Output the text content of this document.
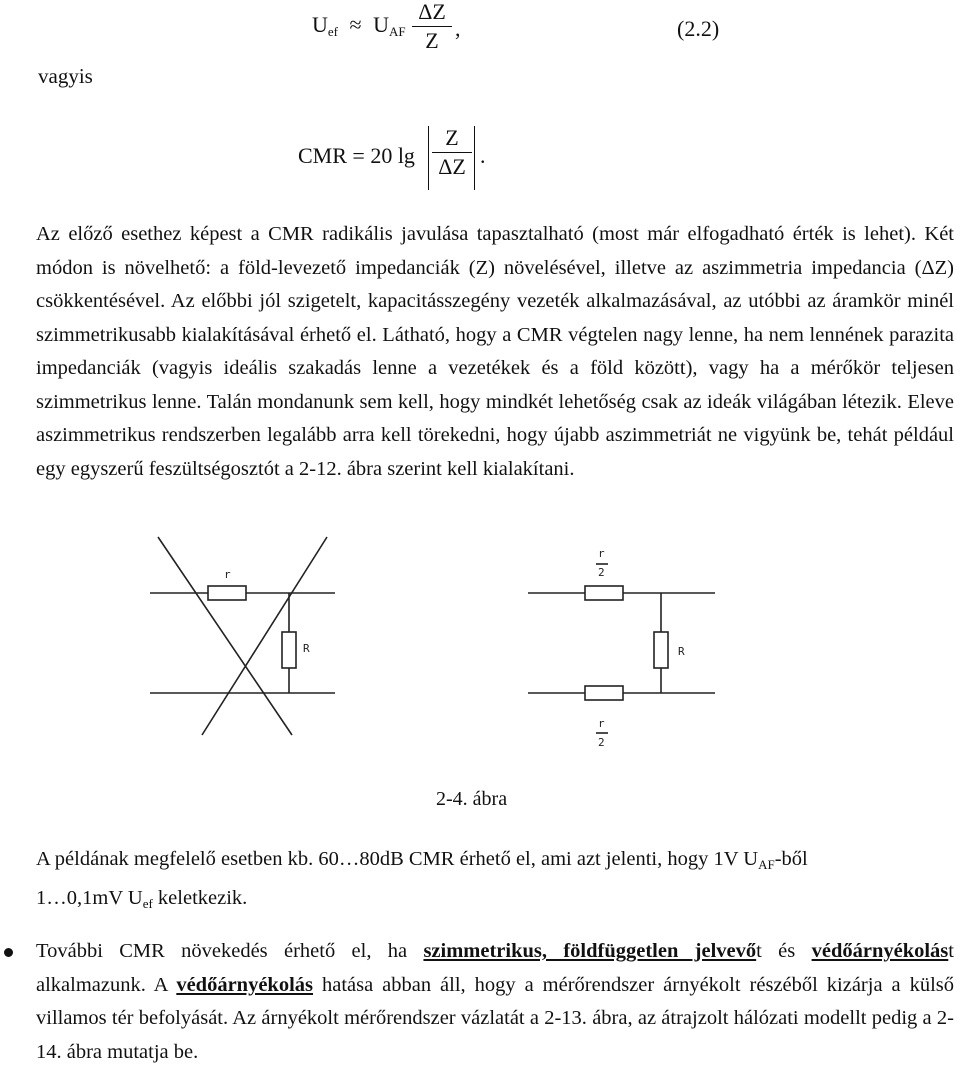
$U_{ef} \approx U_{AF}$
ΔZ
Z ,	(2.2)
vagyis
CMR = 20 lg
Z
ΔZ .
Az előző esethez képest a CMR radikális javulása tapasztalható (most már elfogadható érték is lehet). Két módon is növelhető: a föld-levezető impedanciák (Z) növelésével, illetve az aszimmetria impedancia (ΔZ) csökkentésével. Az előbbi jól szigetelt, kapacitásszegény vezeték alkalmazásával, az utóbbi az áramkör minél szimmetrikusabb kialakításával érhető el. Látható, hogy a CMR végtelen nagy lenne, ha nem lennének parazita impedanciák (vagyis ideális szakadás lenne a vezetékek és a föld között), vagy ha a mérőkör teljesen szimmetrikus lenne. Talán mondanunk sem kell, hogy mindkét lehetőség csak az ideák világában létezik. Eleve aszimmetrikus rendszerben legalább arra kell törekedni, hogy újabb aszimmetriát ne vigyünk be, tehát például egy egyszerű feszültségosztót a 2-12. ábra szerint kell kialakítani.
r
R
r
2
R
r
2
2-4. ábra
A példának megfelelő esetben kb. 60…80dB CMR érhető el, ami azt jelenti, hogy 1V $U_{AF}$-ből
1…0,1mV $U_{ef}$ keletkezik.
További CMR növekedés érhető el, ha szimmetrikus, földfüggetlen jelvevőt és védőárnyékolást alkalmazunk. A védőárnyékolás hatása abban áll, hogy a mérőrendszer árnyékolt részéből kizárja a külső villamos tér befolyását. Az árnyékolt mérőrendszer vázlatát a 2-13. ábra, az átrajzolt hálózati modellt pedig a 2-14. ábra mutatja be.
